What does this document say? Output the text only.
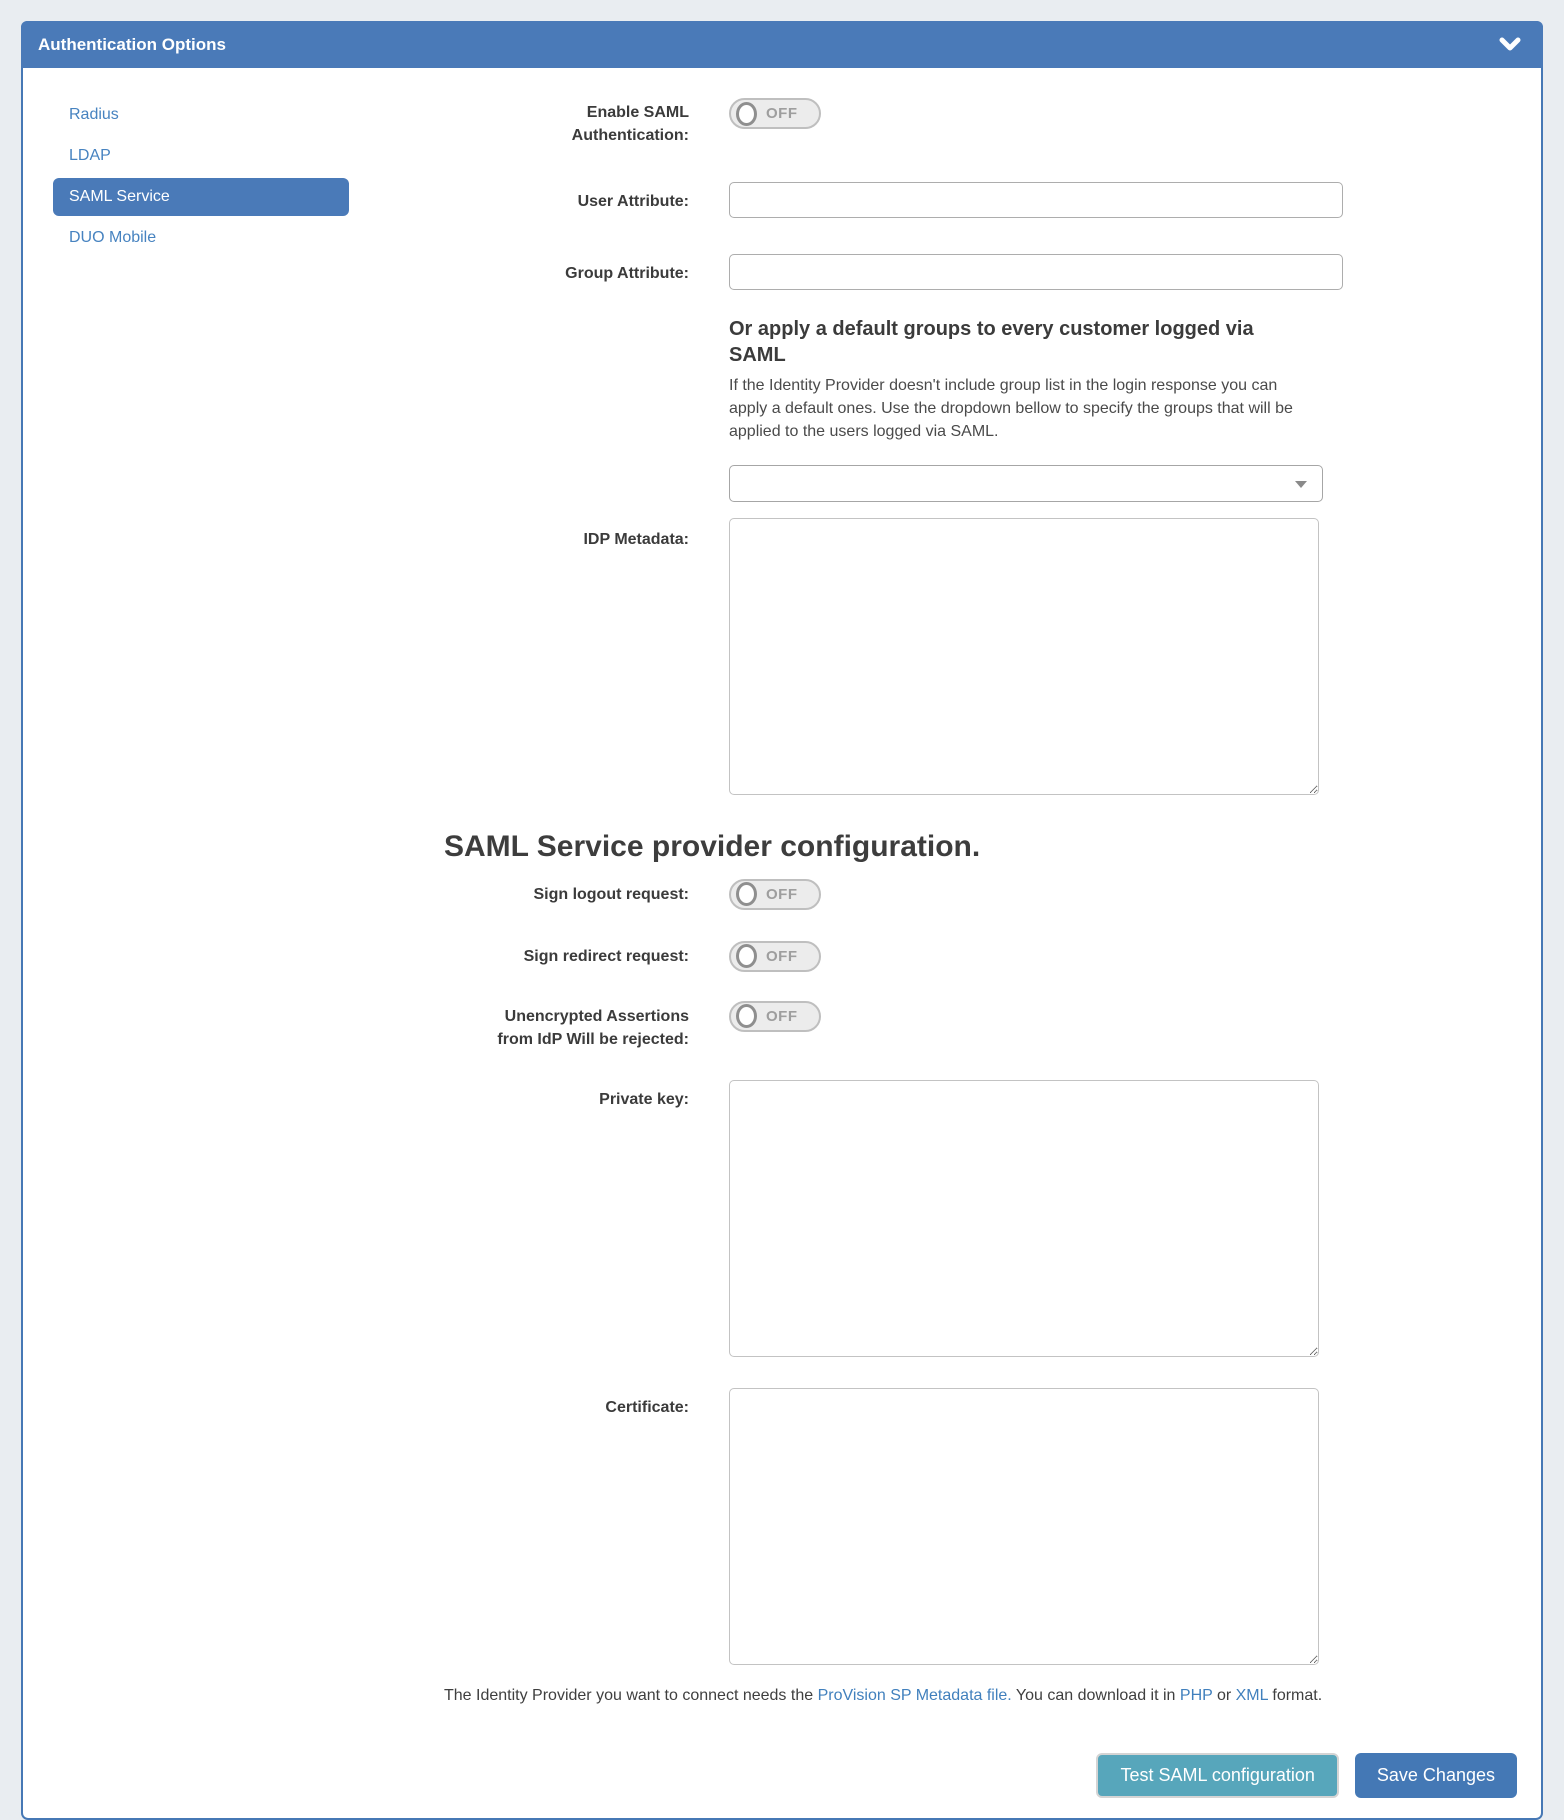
Authentication Options
Radius
LDAP
SAML Service
DUO Mobile
Enable SAML Authentication:
OFF
User Attribute:
Group Attribute:
Or apply a default groups to every customer logged via SAML
If the Identity Provider doesn't include group list in the login response you can apply a default ones. Use the dropdown bellow to specify the groups that will be applied to the users logged via SAML.
IDP Metadata:
SAML Service provider configuration.
Sign logout request:	OFF
Sign redirect request:	OFF
Unencrypted Assertions from IdP Will be rejected:
OFF
Private key:
Certificate:
The Identity Provider you want to connect needs the ProVision SP Metadata file. You can download it in PHP or XML format.
Test SAML configuration	Save Changes
